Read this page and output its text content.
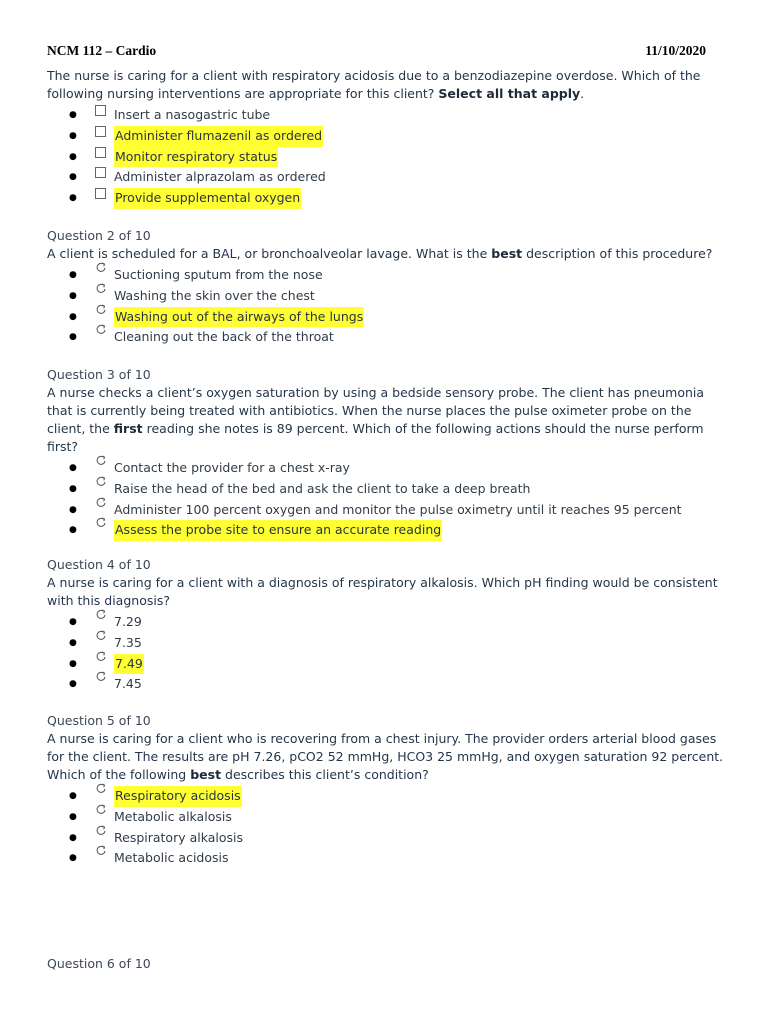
NCM 112 – Cardio	11/10/2020
The nurse is caring for a client with respiratory acidosis due to a benzodiazepine overdose. Which of the following nursing interventions are appropriate for this client? Select all that apply.
●	Insert a nasogastric tube
●	Administer flumazenil as ordered
●	Monitor respiratory status
●	Administer alprazolam as ordered
●	Provide supplemental oxygen
Question 2 of 10
A client is scheduled for a BAL, or bronchoalveolar lavage. What is the best description of this procedure?
●	Suctioning sputum from the nose
●	Washing the skin over the chest
●	Washing out of the airways of the lungs
●	Cleaning out the back of the throat
Question 3 of 10
A nurse checks a client’s oxygen saturation by using a bedside sensory probe. The client has pneumonia that is currently being treated with antibiotics. When the nurse places the pulse oximeter probe on the client, the first reading she notes is 89 percent. Which of the following actions should the nurse perform first?
●	Contact the provider for a chest x-ray
●	Raise the head of the bed and ask the client to take a deep breath
●	Administer 100 percent oxygen and monitor the pulse oximetry until it reaches 95 percent
●	Assess the probe site to ensure an accurate reading
Question 4 of 10
A nurse is caring for a client with a diagnosis of respiratory alkalosis. Which pH finding would be consistent with this diagnosis?
●	7.29
●	7.35
●	7.49
●	7.45
Question 5 of 10
A nurse is caring for a client who is recovering from a chest injury. The provider orders arterial blood gases for the client. The results are pH 7.26, pCO2 52 mmHg, HCO3 25 mmHg, and oxygen saturation 92 percent. Which of the following best describes this client’s condition?
●	Respiratory acidosis
●	Metabolic alkalosis
●	Respiratory alkalosis
●	Metabolic acidosis
Question 6 of 10
